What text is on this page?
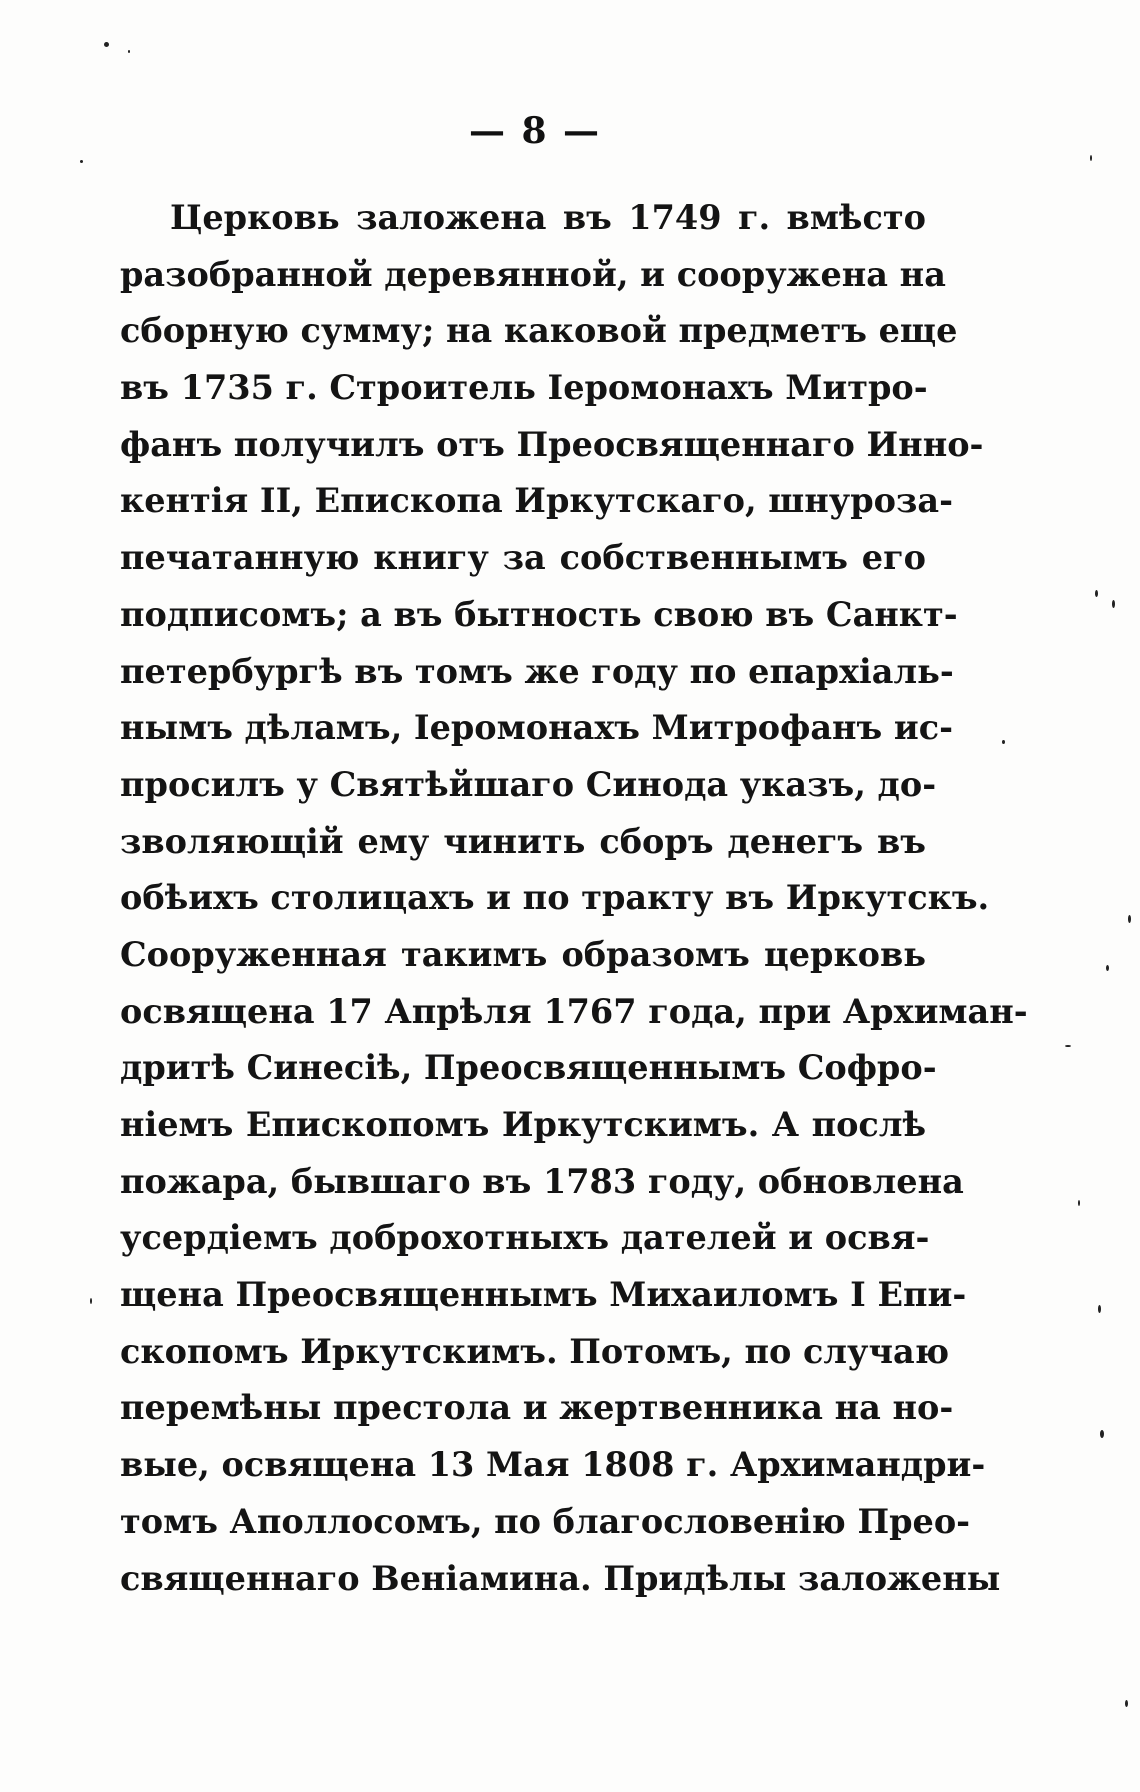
— 8 —
Церковь заложена въ 1749 г. вмѣсто
разобранной деревянной, и сооружена на
сборную сумму; на каковой предметъ еще
въ 1735 г. Строитель Іеромонахъ Митро-
фанъ получилъ отъ Преосвященнаго Инно-
кентія II, Епископа Иркутскаго, шнуроза-
печатанную книгу за собственнымъ его
подписомъ; а въ бытность свою въ Санкт-
петербургѣ въ томъ же году по епархіаль-
нымъ дѣламъ, Іеромонахъ Митрофанъ ис-
просилъ у Святѣйшаго Синода указъ, до-
зволяющій ему чинить сборъ денегъ въ
обѣихъ столицахъ и по тракту въ Иркутскъ.
Сооруженная такимъ образомъ церковь
освящена 17 Апрѣля 1767 года, при Архиман-
дритѣ Синесіѣ, Преосвященнымъ Софро-
ніемъ Епископомъ Иркутскимъ. А послѣ
пожара, бывшаго въ 1783 году, обновлена
усердіемъ доброхотныхъ дателей и освя-
щена Преосвященнымъ Михаиломъ I Епи-
скопомъ Иркутскимъ. Потомъ, по случаю
перемѣны престола и жертвенника на но-
вые, освящена 13 Мая 1808 г. Архимандри-
томъ Аполлосомъ, по благословенію Прео-
священнаго Веніамина. Придѣлы заложены
